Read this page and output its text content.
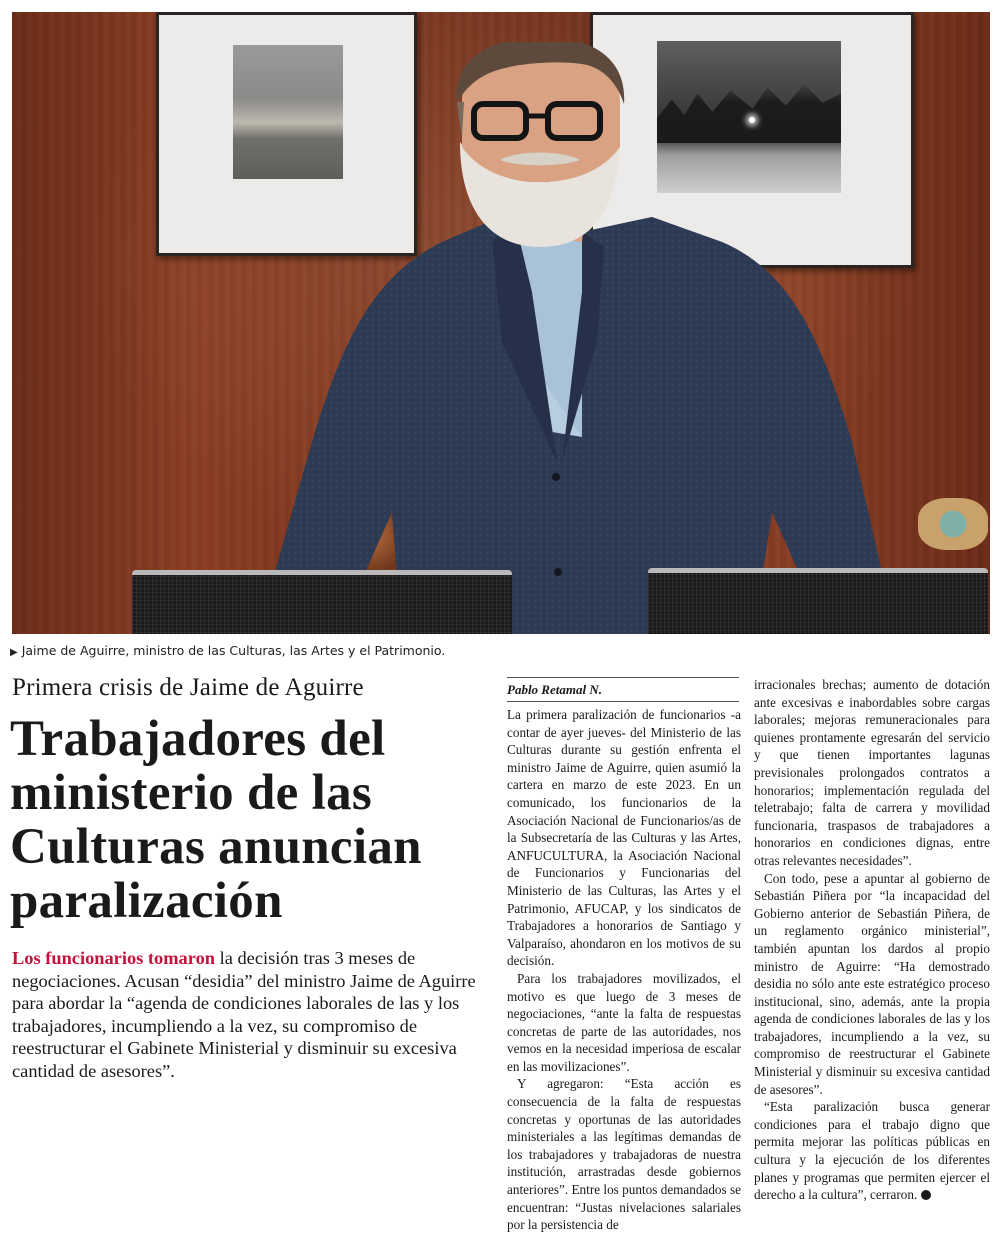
▶ Jaime de Aguirre, ministro de las Culturas, las Artes y el Patrimonio.
Primera crisis de Jaime de Aguirre
Trabajadores del
ministerio de las
Culturas anuncian
paralización
Los funcionarios tomaron la decisión tras 3 meses de negociaciones. Acusan “desidia” del ministro Jaime de Aguirre para abordar la “agenda de condiciones laborales de las y los trabajadores, incumpliendo a la vez, su compromiso de reestructurar el Gabinete Ministerial y disminuir su excesiva cantidad de asesores”.
Pablo Retamal N.

La primera paralización de funcionarios -a contar de ayer jueves- del Ministerio de las Culturas durante su gestión enfrenta el ministro Jaime de Aguirre, quien asumió la cartera en marzo de este 2023. En un comunicado, los funcionarios de la Asociación Nacional de Funcionarios/as de la Subsecretaría de las Culturas y las Artes, ANFUCULTURA, la Asociación Nacional de Funcionarios y Funcionarias del Ministerio de las Culturas, las Artes y el Patrimonio, AFUCAP, y los sindicatos de Trabajadores a honorarios de Santiago y Valparaíso, ahondaron en los motivos de su decisión.

Para los trabajadores movilizados, el motivo es que luego de 3 meses de negociaciones, “ante la falta de respuestas concretas de parte de las autoridades, nos vemos en la necesidad imperiosa de escalar en las movilizaciones”.

Y agregaron: “Esta acción es consecuencia de la falta de respuestas concretas y oportunas de las autoridades ministeriales a las legítimas demandas de los trabajadores y trabajadoras de nuestra institución, arrastradas desde gobiernos anteriores”. Entre los puntos demandados se encuentran: “Justas nivelaciones salariales por la persistencia de

irracionales brechas; aumento de dotación ante excesivas e inabordables sobre cargas laborales; mejoras remuneracionales para quienes prontamente egresarán del servicio y que tienen importantes lagunas previsionales prolongados contratos a honorarios; implementación regulada del teletrabajo; falta de carrera y movilidad funcionaria, traspasos de trabajadores a honorarios en condiciones dignas, entre otras relevantes necesidades”.

Con todo, pese a apuntar al gobierno de Sebastián Piñera por “la incapacidad del Gobierno anterior de Sebastián Piñera, de un reglamento orgánico ministerial”, también apuntan los dardos al propio ministro de Aguirre: “Ha demostrado desidia no sólo ante este estratégico proceso institucional, sino, además, ante la propia agenda de condiciones laborales de las y los trabajadores, incumpliendo a la vez, su compromiso de reestructurar el Gabinete Ministerial y disminuir su excesiva cantidad de asesores”.

“Esta paralización busca generar condiciones para el trabajo digno que permita mejorar las políticas públicas en cultura y la ejecución de los diferentes planes y programas que permiten ejercer el derecho a la cultura”, cerraron.
